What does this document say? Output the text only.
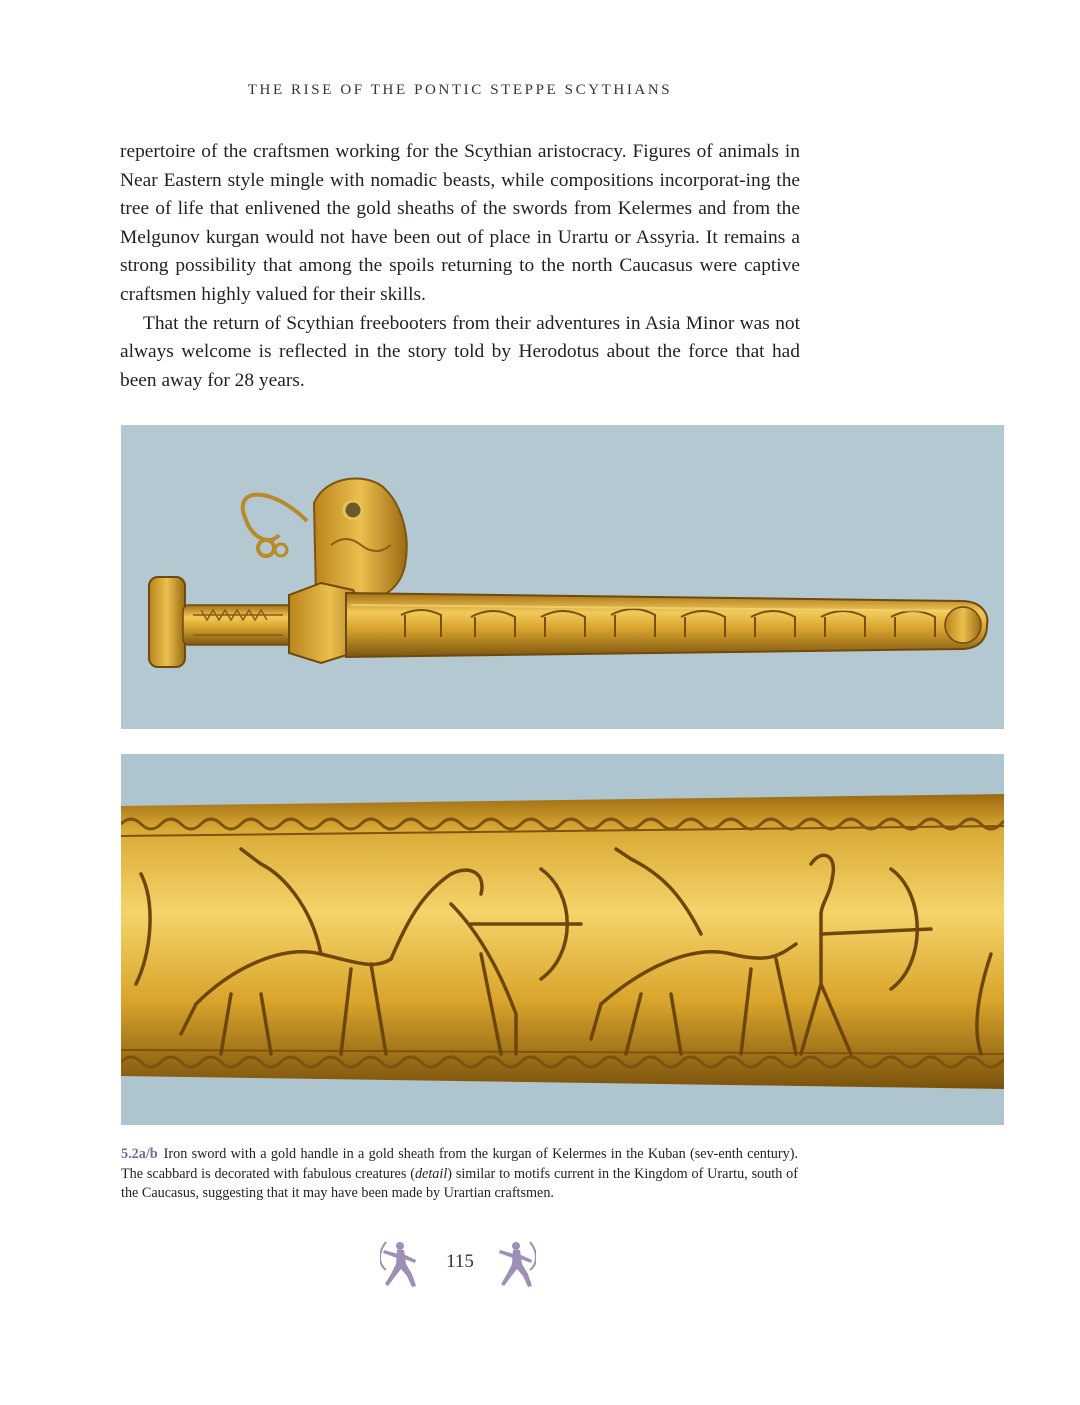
THE RISE OF THE PONTIC STEPPE SCYTHIANS

repertoire of the craftsmen working for the Scythian aristocracy. Figures of animals in Near Eastern style mingle with nomadic beasts, while compositions incorporat-ing the tree of life that enlivened the gold sheaths of the swords from Kelermes and from the Melgunov kurgan would not have been out of place in Urartu or Assyria. It remains a strong possibility that among the spoils returning to the north Caucasus were captive craftsmen highly valued for their skills.

That the return of Scythian freebooters from their adventures in Asia Minor was not always welcome is reflected in the story told by Herodotus about the force that had been away for 28 years.

5.2a/b Iron sword with a gold handle in a gold sheath from the kurgan of Kelermes in the Kuban (sev-enth century). The scabbard is decorated with fabulous creatures (detail) similar to motifs current in the Kingdom of Urartu, south of the Caucasus, suggesting that it may have been made by Urartian craftsmen.
115
